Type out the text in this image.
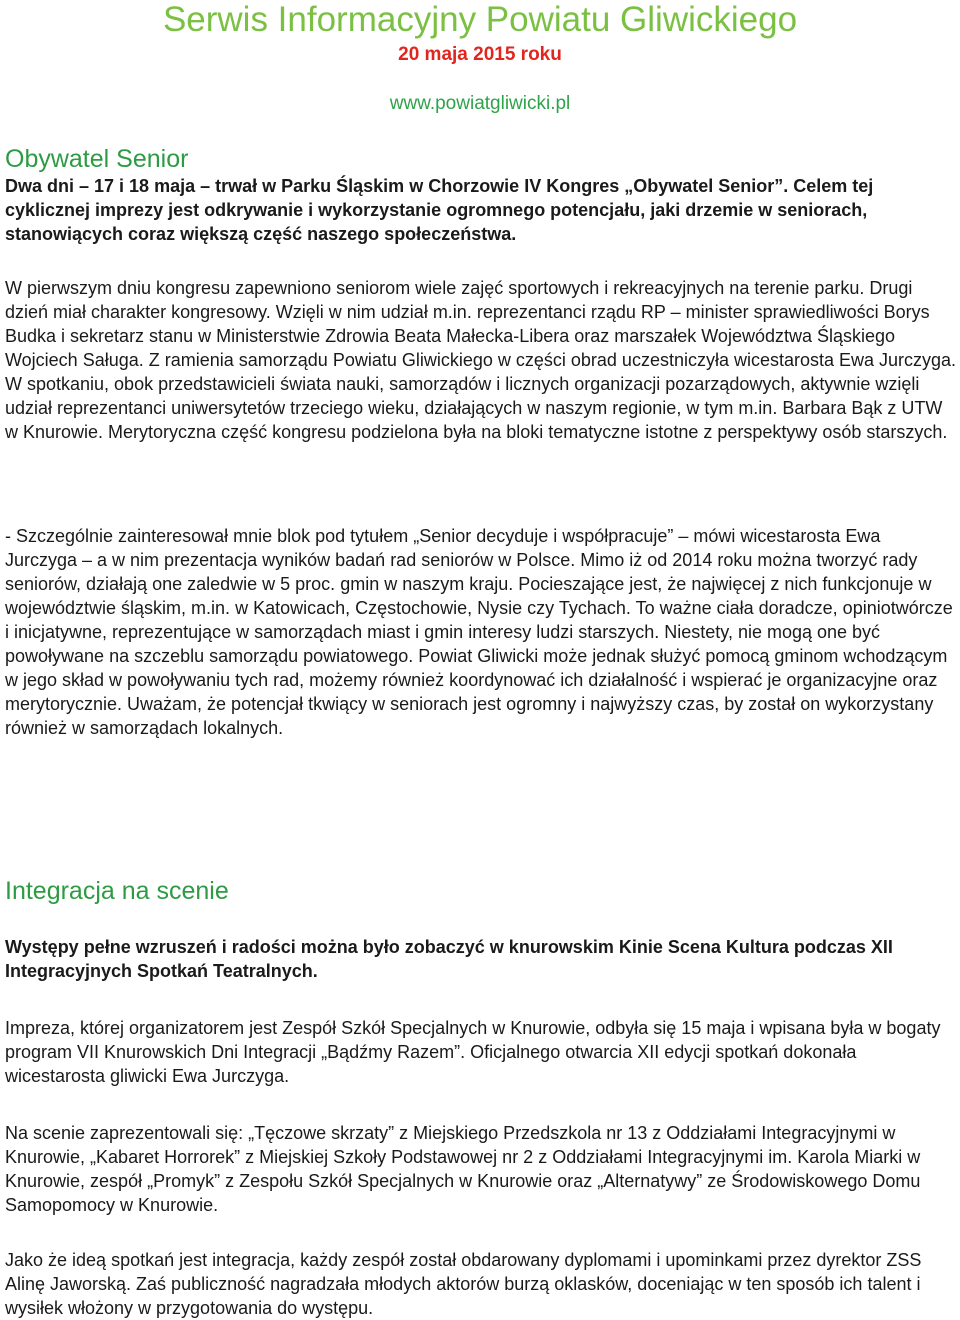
Serwis Informacyjny Powiatu Gliwickiego
20 maja 2015 roku
www.powiatgliwicki.pl
Obywatel Senior

Dwa dni – 17 i 18 maja – trwał w Parku Śląskim w Chorzowie IV Kongres „Obywatel Senior”. Celem tej cyklicznej imprezy jest odkrywanie i wykorzystanie ogromnego potencjału, jaki drzemie w seniorach, stanowiących coraz większą część naszego społeczeństwa.

W pierwszym dniu kongresu zapewniono seniorom wiele zajęć sportowych i rekreacyjnych na terenie parku. Drugi dzień miał charakter kongresowy. Wzięli w nim udział m.in. reprezentanci rządu RP – minister sprawiedliwości Borys Budka i sekretarz stanu w Ministerstwie Zdrowia Beata Małecka-Libera oraz marszałek Województwa Śląskiego Wojciech Saługa. Z ramienia samorządu Powiatu Gliwickiego w części obrad uczestniczyła wicestarosta Ewa Jurczyga. W spotkaniu, obok przedstawicieli świata nauki, samorządów i licznych organizacji pozarządowych, aktywnie wzięli udział reprezentanci uniwersytetów trzeciego wieku, działających w naszym regionie, w tym m.in. Barbara Bąk z UTW w Knurowie. Merytoryczna część kongresu podzielona była na bloki tematyczne istotne z perspektywy osób starszych.

- Szczególnie zainteresował mnie blok pod tytułem „Senior decyduje i współpracuje” – mówi wicestarosta Ewa Jurczyga – a w nim prezentacja wyników badań rad seniorów w Polsce. Mimo iż od 2014 roku można tworzyć rady seniorów, działają one zaledwie w 5 proc. gmin w naszym kraju. Pocieszające jest, że najwięcej z nich funkcjonuje w województwie śląskim, m.in. w Katowicach, Częstochowie, Nysie czy Tychach. To ważne ciała doradcze, opiniotwórcze i inicjatywne, reprezentujące w samorządach miast i gmin interesy ludzi starszych. Niestety, nie mogą one być powoływane na szczeblu samorządu powiatowego. Powiat Gliwicki może jednak służyć pomocą gminom wchodzącym w jego skład w powoływaniu tych rad, możemy również koordynować ich działalność i wspierać je organizacyjne oraz merytorycznie. Uważam, że potencjał tkwiący w seniorach jest ogromny i najwyższy czas, by został on wykorzystany również w samorządach lokalnych.

Integracja na scenie

Występy pełne wzruszeń i radości można było zobaczyć w knurowskim Kinie Scena Kultura podczas XII Integracyjnych Spotkań Teatralnych.

Impreza, której organizatorem jest Zespół Szkół Specjalnych w Knurowie, odbyła się 15 maja i wpisana była w bogaty program VII Knurowskich Dni Integracji „Bądźmy Razem”. Oficjalnego otwarcia XII edycji spotkań dokonała wicestarosta gliwicki Ewa Jurczyga.

Na scenie zaprezentowali się: „Tęczowe skrzaty” z Miejskiego Przedszkola nr 13 z Oddziałami Integracyjnymi w Knurowie, „Kabaret Horrorek” z Miejskiej Szkoły Podstawowej nr 2 z Oddziałami Integracyjnymi im. Karola Miarki w Knurowie, zespół „Promyk” z Zespołu Szkół Specjalnych w Knurowie oraz „Alternatywy” ze Środowiskowego Domu Samopomocy w Knurowie.

Jako że ideą spotkań jest integracja, każdy zespół został obdarowany dyplomami i upominkami przez dyrektor ZSS Alinę Jaworską. Zaś publiczność nagradzała młodych aktorów burzą oklasków, doceniając w ten sposób ich talent i wysiłek włożony w przygotowania do występu.
